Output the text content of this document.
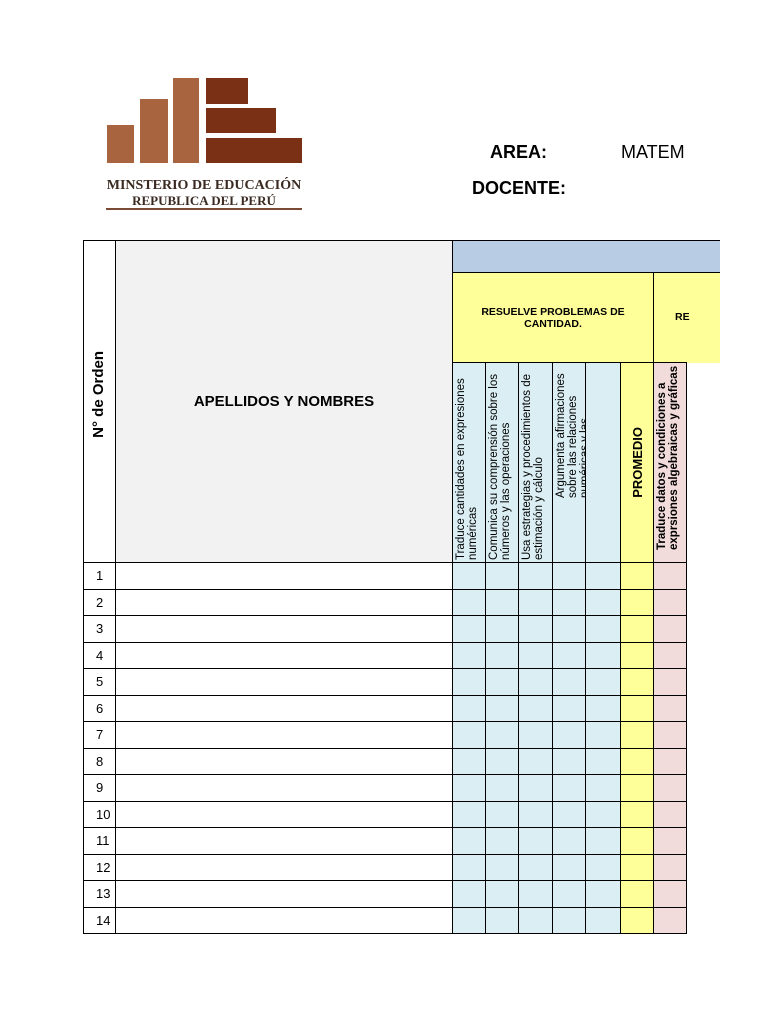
MINSTERIO DE EDUCACIÓN
REPUBLICA DEL PERÚ
AREA:	MATEM
DOCENTE:
N° de Orden	APELLIDOS Y NOMBRES
RESUELVE PROBLEMAS DE CANTIDAD.
RE
Traduce cantidades en expresiones numéricas Comunica su comprensión sobre los números y las operaciones Usa estrategias y procedimientos de estimación y cálculo Argumenta afirmaciones sobre las relaciones
PROMEDIO Traduce datos y condiciones a exprsiones algebraicas y gráficas
1
2
3
4
5
6
7
8
9
10
11
12
13
14
